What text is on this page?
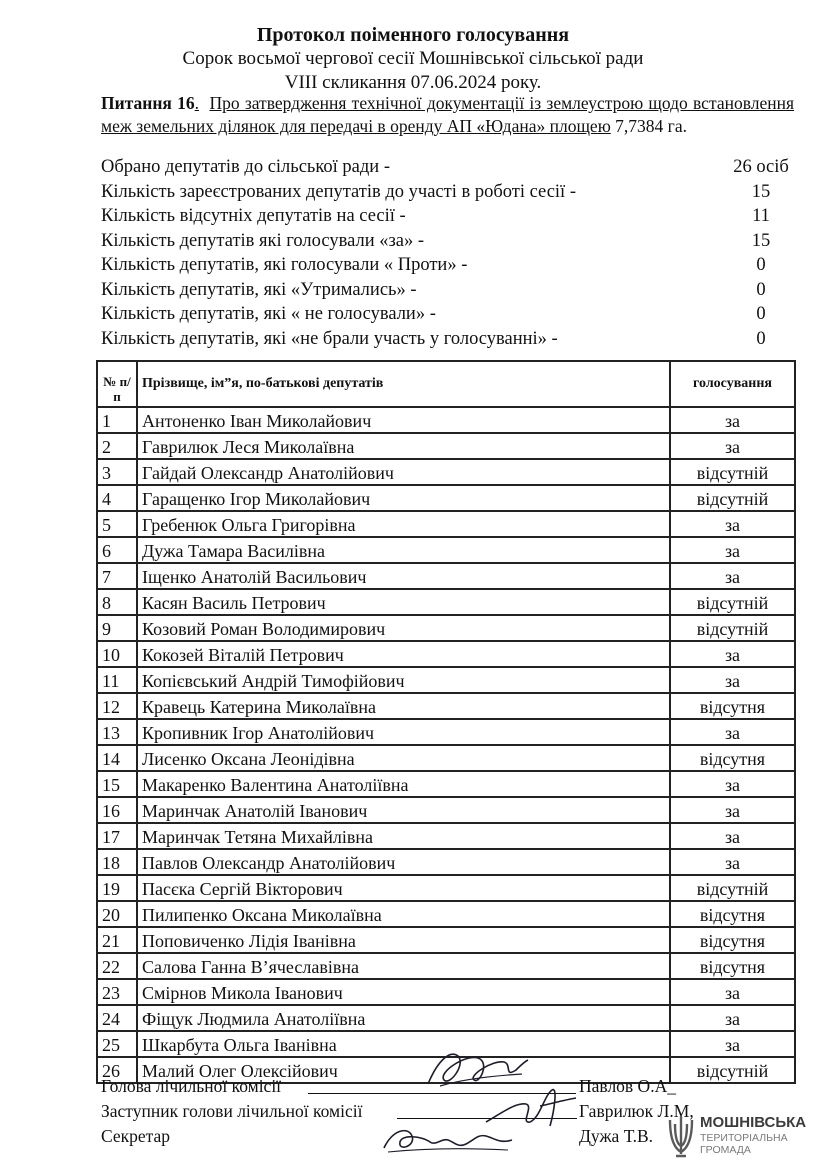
Протокол поіменного голосування
Сорок восьмої чергової сесії Мошнівської сільської ради
VIII скликання 07.06.2024 року.
Питання 16. Про затвердження технічної документації із землеустрою щодо встановлення меж земельних ділянок для передачі в оренду АП «Юдана» площею 7,7384 га.
Обрано депутатів до сільської ради -	26 осіб
Кількість зареєстрованих депутатів до участі в роботі сесії -	15
Кількість відсутніх депутатів на сесії -	11
Кількість депутатів які голосували «за» -	15
Кількість депутатів, які голосували « Проти» -	0
Кількість депутатів, які «Утримались» -	0
Кількість депутатів, які « не голосували» -	0
Кількість депутатів, які «не брали участь у голосуванні» -	0
№ п/п	Прізвище, ім”я, по-батькові депутатів	голосування
1	Антоненко Іван Миколайович	за
2	Гаврилюк Леся Миколаївна	за
3	Гайдай Олександр Анатолійович	відсутній
4	Гаращенко Ігор Миколайович	відсутній
5	Гребенюк Ольга Григорівна	за
6	Дужа Тамара Василівна	за
7	Іщенко Анатолій Васильович	за
8	Касян Василь Петрович	відсутній
9	Козовий Роман Володимирович	відсутній
10	Кокозей Віталій Петрович	за
11	Копієвський Андрій Тимофійович	за
12	Кравець Катерина Миколаївна	відсутня
13	Кропивник Ігор Анатолійович	за
14	Лисенко Оксана Леонідівна	відсутня
15	Макаренко Валентина Анатоліївна	за
16	Маринчак Анатолій Іванович	за
17	Маринчак Тетяна Михайлівна	за
18	Павлов Олександр Анатолійович	за
19	Пасєка Сергій Вікторович	відсутній
20	Пилипенко Оксана Миколаївна	відсутня
21	Поповиченко Лідія Іванівна	відсутня
22	Салова Ганна В’ячеславівна	відсутня
23	Смірнов Микола Іванович	за
24	Фіщук Людмила Анатоліївна	за
25	Шкарбута Ольга Іванівна	за
26	Малий Олег Олексійович	відсутній
Голова лічильної комісії	Павлов О.А_
Заступник голови лічильної комісії	Гаврилюк Л.М,
Секретар	Дужа Т.В.
МОШНІВСЬКА
ТЕРИТОРІАЛЬНА
ГРОМАДА
